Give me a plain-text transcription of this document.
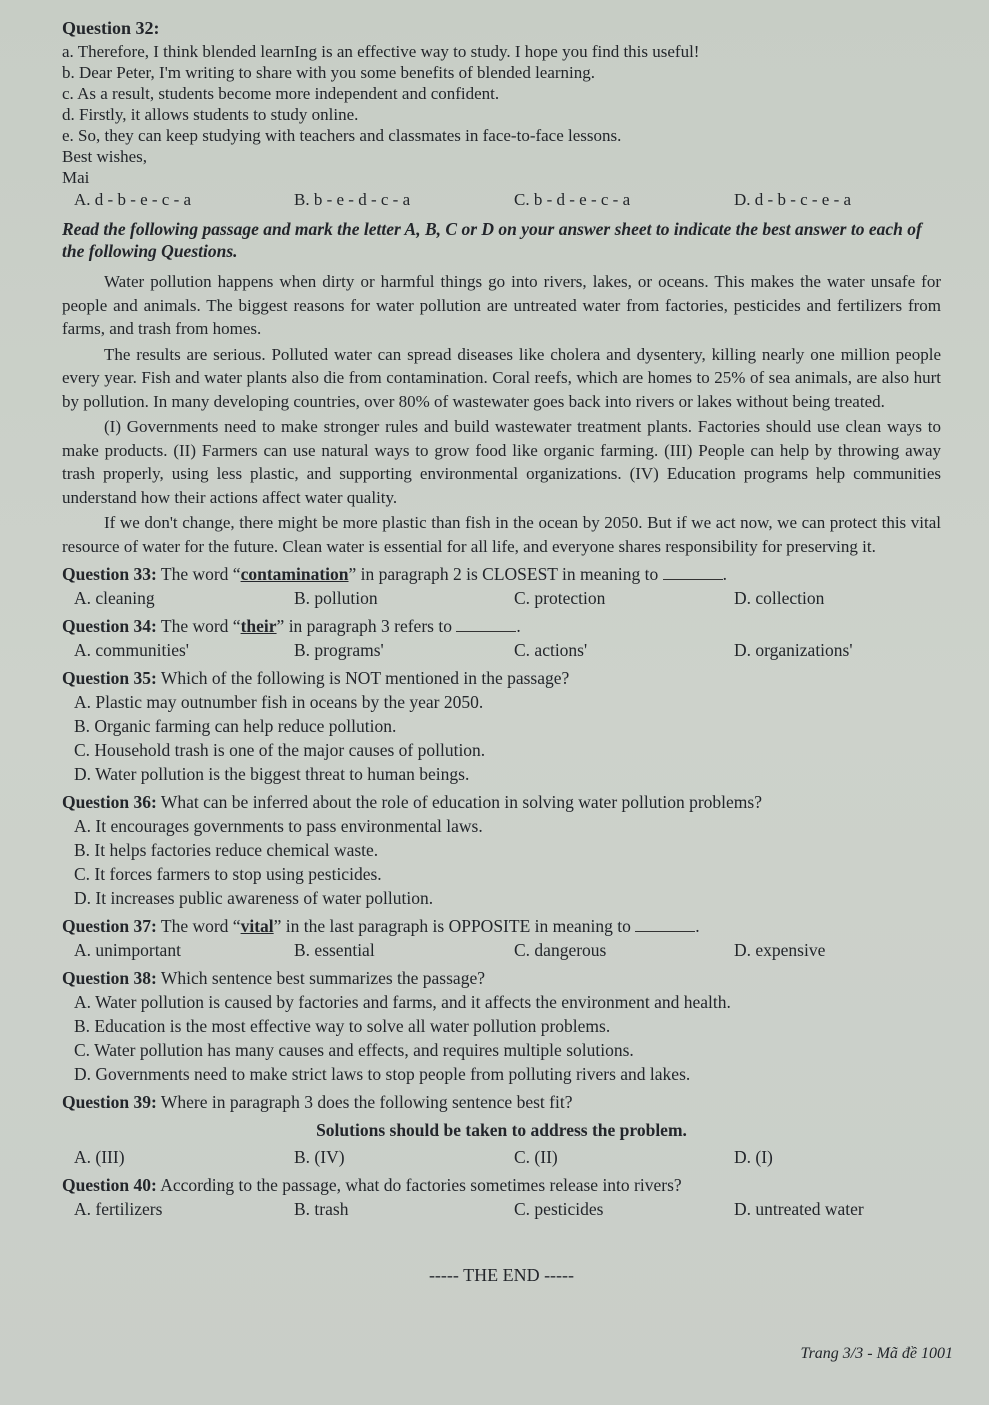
Question 32:

a. Therefore, I think blended learnIng is an effective way to study. I hope you find this useful!

b. Dear Peter, I'm writing to share with you some benefits of blended learning.

c. As a result, students become more independent and confident.

d. Firstly, it allows students to study online.

e. So, they can keep studying with teachers and classmates in face-to-face lessons.

Best wishes,

Mai

A. d - b - e - c - a	B. b - e - d - c - a	C. b - d - e - c - a	D. d - b - c - e - a

Read the following passage and mark the letter A, B, C or D on your answer sheet to indicate the best answer to each of the following Questions.

Water pollution happens when dirty or harmful things go into rivers, lakes, or oceans. This makes the water unsafe for people and animals. The biggest reasons for water pollution are untreated water from factories, pesticides and fertilizers from farms, and trash from homes.

The results are serious. Polluted water can spread diseases like cholera and dysentery, killing nearly one million people every year. Fish and water plants also die from contamination. Coral reefs, which are homes to 25% of sea animals, are also hurt by pollution. In many developing countries, over 80% of wastewater goes back into rivers or lakes without being treated.

(I) Governments need to make stronger rules and build wastewater treatment plants. Factories should use clean ways to make products. (II) Farmers can use natural ways to grow food like organic farming. (III) People can help by throwing away trash properly, using less plastic, and supporting environmental organizations. (IV) Education programs help communities understand how their actions affect water quality.

If we don't change, there might be more plastic than fish in the ocean by 2050. But if we act now, we can protect this vital resource of water for the future. Clean water is essential for all life, and everyone shares responsibility for preserving it.

Question 33: The word “contamination” in paragraph 2 is CLOSEST in meaning to	.

A. cleaning	B. pollution	C. protection	D. collection

Question 34: The word “their” in paragraph 3 refers to	.

A. communities'	B. programs'	C. actions'	D. organizations'

Question 35: Which of the following is NOT mentioned in the passage?

A. Plastic may outnumber fish in oceans by the year 2050.

B. Organic farming can help reduce pollution.

C. Household trash is one of the major causes of pollution.

D. Water pollution is the biggest threat to human beings.

Question 36: What can be inferred about the role of education in solving water pollution problems?

A. It encourages governments to pass environmental laws.

B. It helps factories reduce chemical waste.

C. It forces farmers to stop using pesticides.

D. It increases public awareness of water pollution.

Question 37: The word “vital” in the last paragraph is OPPOSITE in meaning to	.

A. unimportant	B. essential	C. dangerous	D. expensive

Question 38: Which sentence best summarizes the passage?

A. Water pollution is caused by factories and farms, and it affects the environment and health.

B. Education is the most effective way to solve all water pollution problems.

C. Water pollution has many causes and effects, and requires multiple solutions.

D. Governments need to make strict laws to stop people from polluting rivers and lakes.

Question 39: Where in paragraph 3 does the following sentence best fit?

Solutions should be taken to address the problem.
A. (III)	B. (IV)	C. (II)	D. (I)

Question 40: According to the passage, what do factories sometimes release into rivers?

A. fertilizers	B. trash	C. pesticides	D. untreated water
----- THE END -----
Trang 3/3 - Mã đề 1001
